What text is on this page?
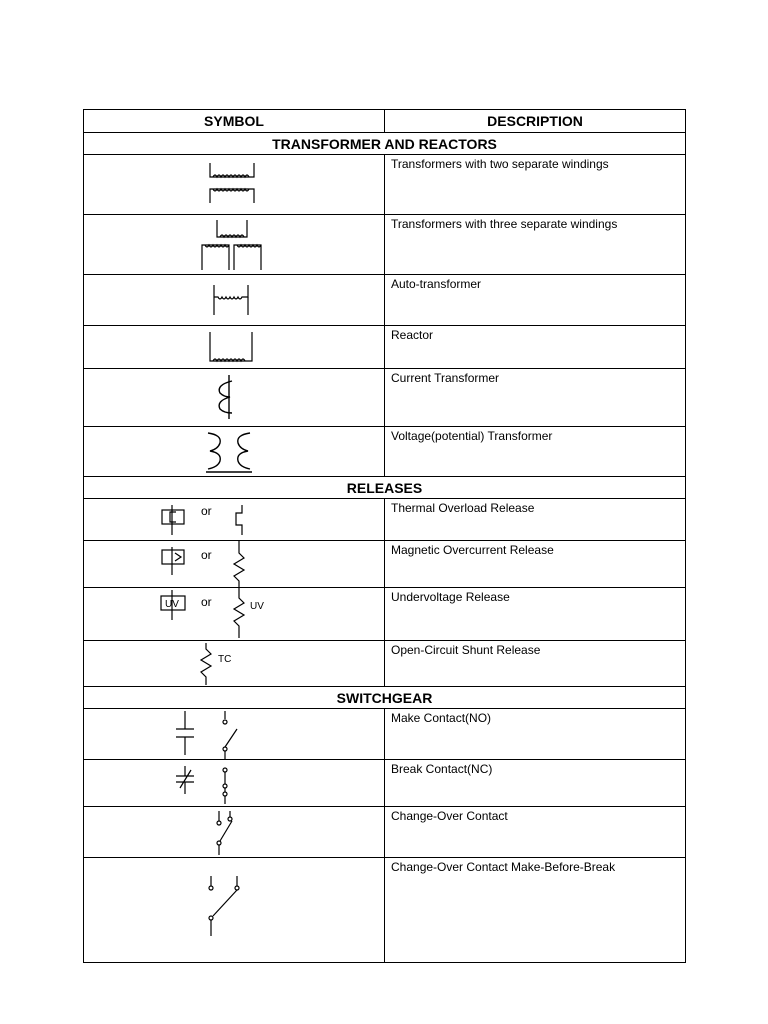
SYMBOL	DESCRIPTION
TRANSFORMER AND REACTORS	

	Transformers with two separate windings

	Transformers with three separate windings

	Auto-transformer

	Reactor

	Current Transformer

	Voltage(potential) Transformer
RELEASES	

or	Thermal Overload Release

or	Magnetic Overcurrent Release

UV or UV	Undervoltage Release

TC	Open-Circuit Shunt Release
SWITCHGEAR	

	Make Contact(NO)

	Break Contact(NC)

	Change-Over Contact

	Change-Over Contact Make-Before-Break
